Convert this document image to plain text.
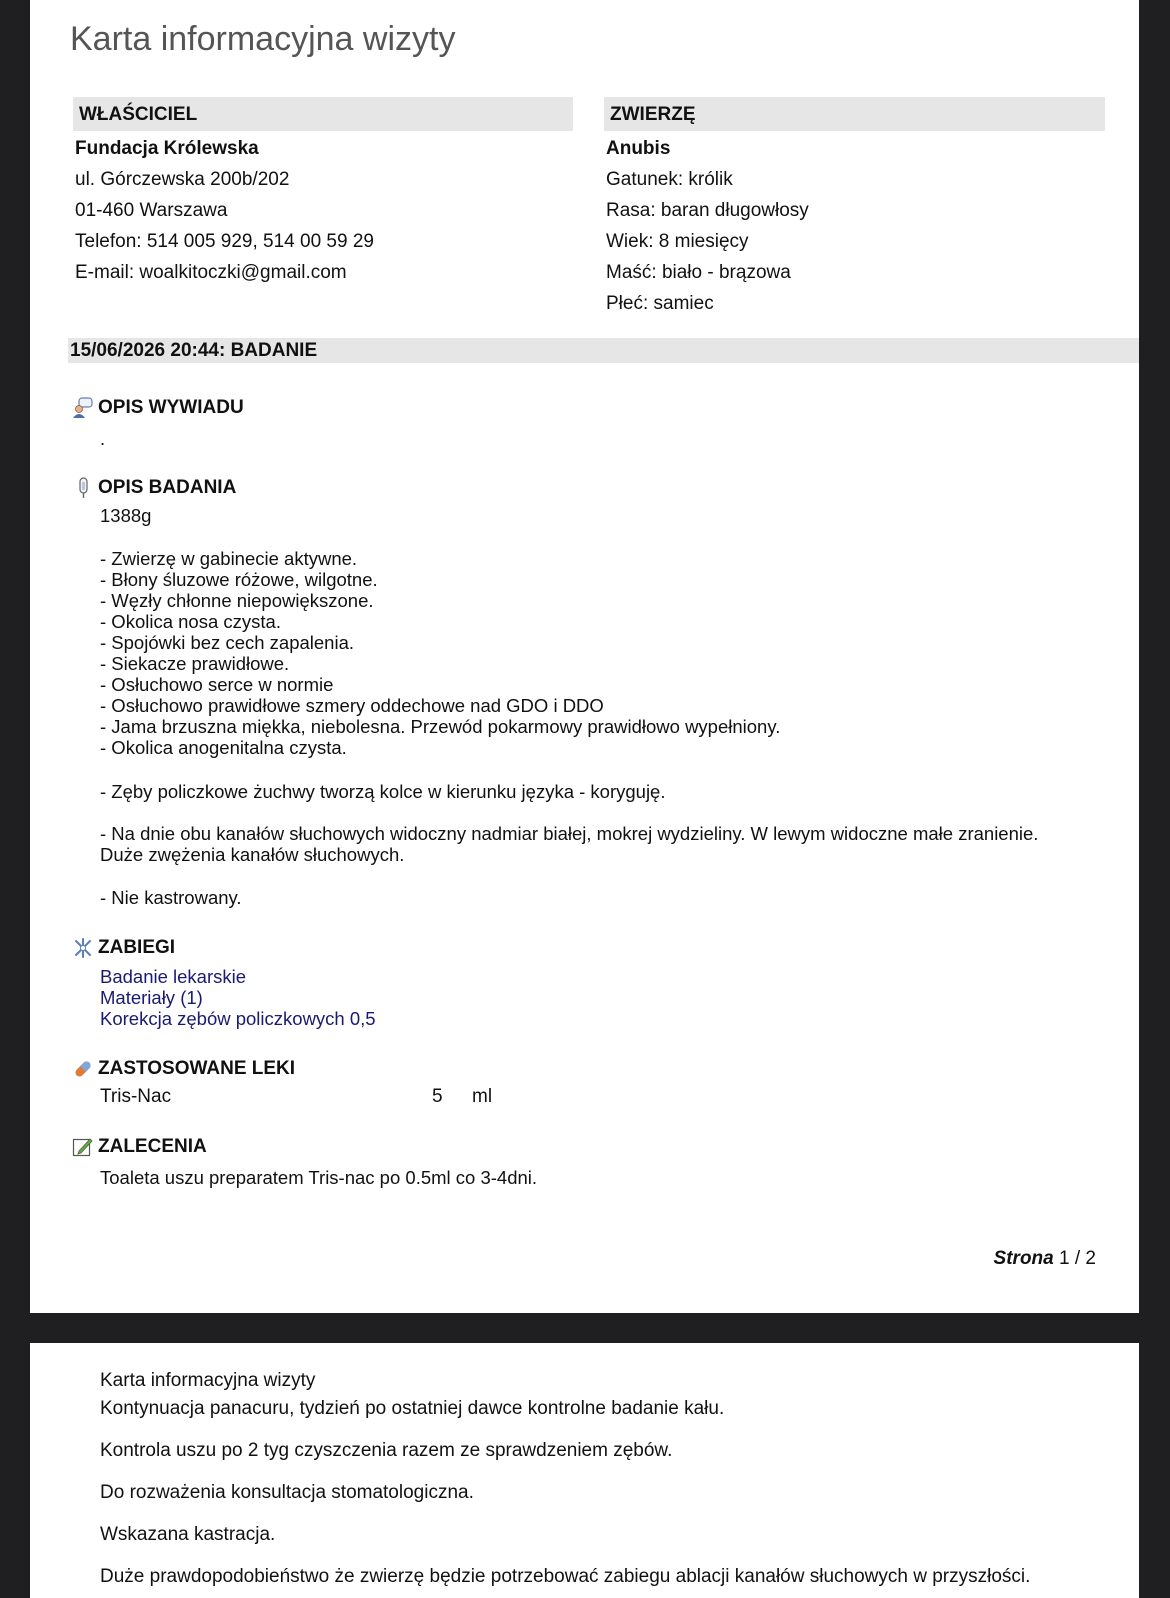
Karta informacyjna wizyty
WŁAŚCICIEL	ZWIERZĘ
Fundacja Królewska
ul. Górczewska 200b/202
01-460 Warszawa
Telefon: 514 005 929, 514 00 59 29
E-mail: woalkitoczki@gmail.com
Anubis
Gatunek: królik
Rasa: baran długowłosy
Wiek: 8 miesięcy
Maść: biało - brązowa
Płeć: samiec
15/06/2026 20:44: BADANIE
OPIS WYWIADU
.
OPIS BADANIA
1388g
- Zwierzę w gabinecie aktywne.
- Błony śluzowe różowe, wilgotne.
- Węzły chłonne niepowiększone.
- Okolica nosa czysta.
- Spojówki bez cech zapalenia.
- Siekacze prawidłowe.
- Osłuchowo serce w normie
- Osłuchowo prawidłowe szmery oddechowe nad GDO i DDO
- Jama brzuszna miękka, niebolesna. Przewód pokarmowy prawidłowo wypełniony.
- Okolica anogenitalna czysta.
- Zęby policzkowe żuchwy tworzą kolce w kierunku języka - koryguję.
- Na dnie obu kanałów słuchowych widoczny nadmiar białej, mokrej wydzieliny. W lewym widoczne małe zranienie.
Duże zwężenia kanałów słuchowych.
- Nie kastrowany.
ZABIEGI
Badanie lekarskie
Materiały (1)
Korekcja zębów policzkowych 0,5
ZASTOSOWANE LEKI
Tris-Nac	5 ml
ZALECENIA
Toaleta uszu preparatem Tris-nac po 0.5ml co 3-4dni.
Strona 1 / 2
Karta informacyjna wizyty
Kontynuacja panacuru, tydzień po ostatniej dawce kontrolne badanie kału.
Kontrola uszu po 2 tyg czyszczenia razem ze sprawdzeniem zębów.
Do rozważenia konsultacja stomatologiczna.
Wskazana kastracja.
Duże prawdopodobieństwo że zwierzę będzie potrzebować zabiegu ablacji kanałów słuchowych w przyszłości.
